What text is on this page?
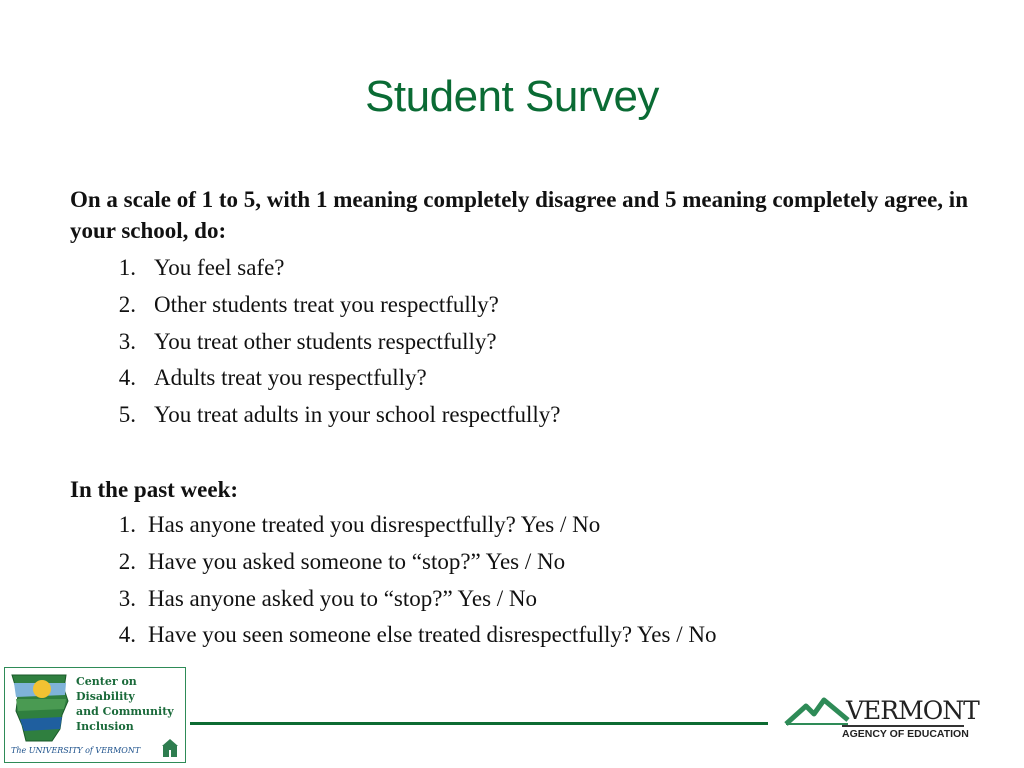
Student Survey

On a scale of 1 to 5, with 1 meaning completely disagree and 5 meaning completely agree, in your school, do:

1. You feel safe?
2. Other students treat you respectfully?
3. You treat other students respectfully?
4. Adults treat you respectfully?
5. You treat adults in your school respectfully?

In the past week:

1. Has anyone treated you disrespectfully? Yes / No
2. Have you asked someone to “stop?” Yes / No
3. Has anyone asked you to “stop?” Yes / No
4. Have you seen someone else treated disrespectfully? Yes / No
Center on
Disability
and Community
Inclusion
The UNIVERSITY of VERMONT
VERMONT
AGENCY OF EDUCATION
